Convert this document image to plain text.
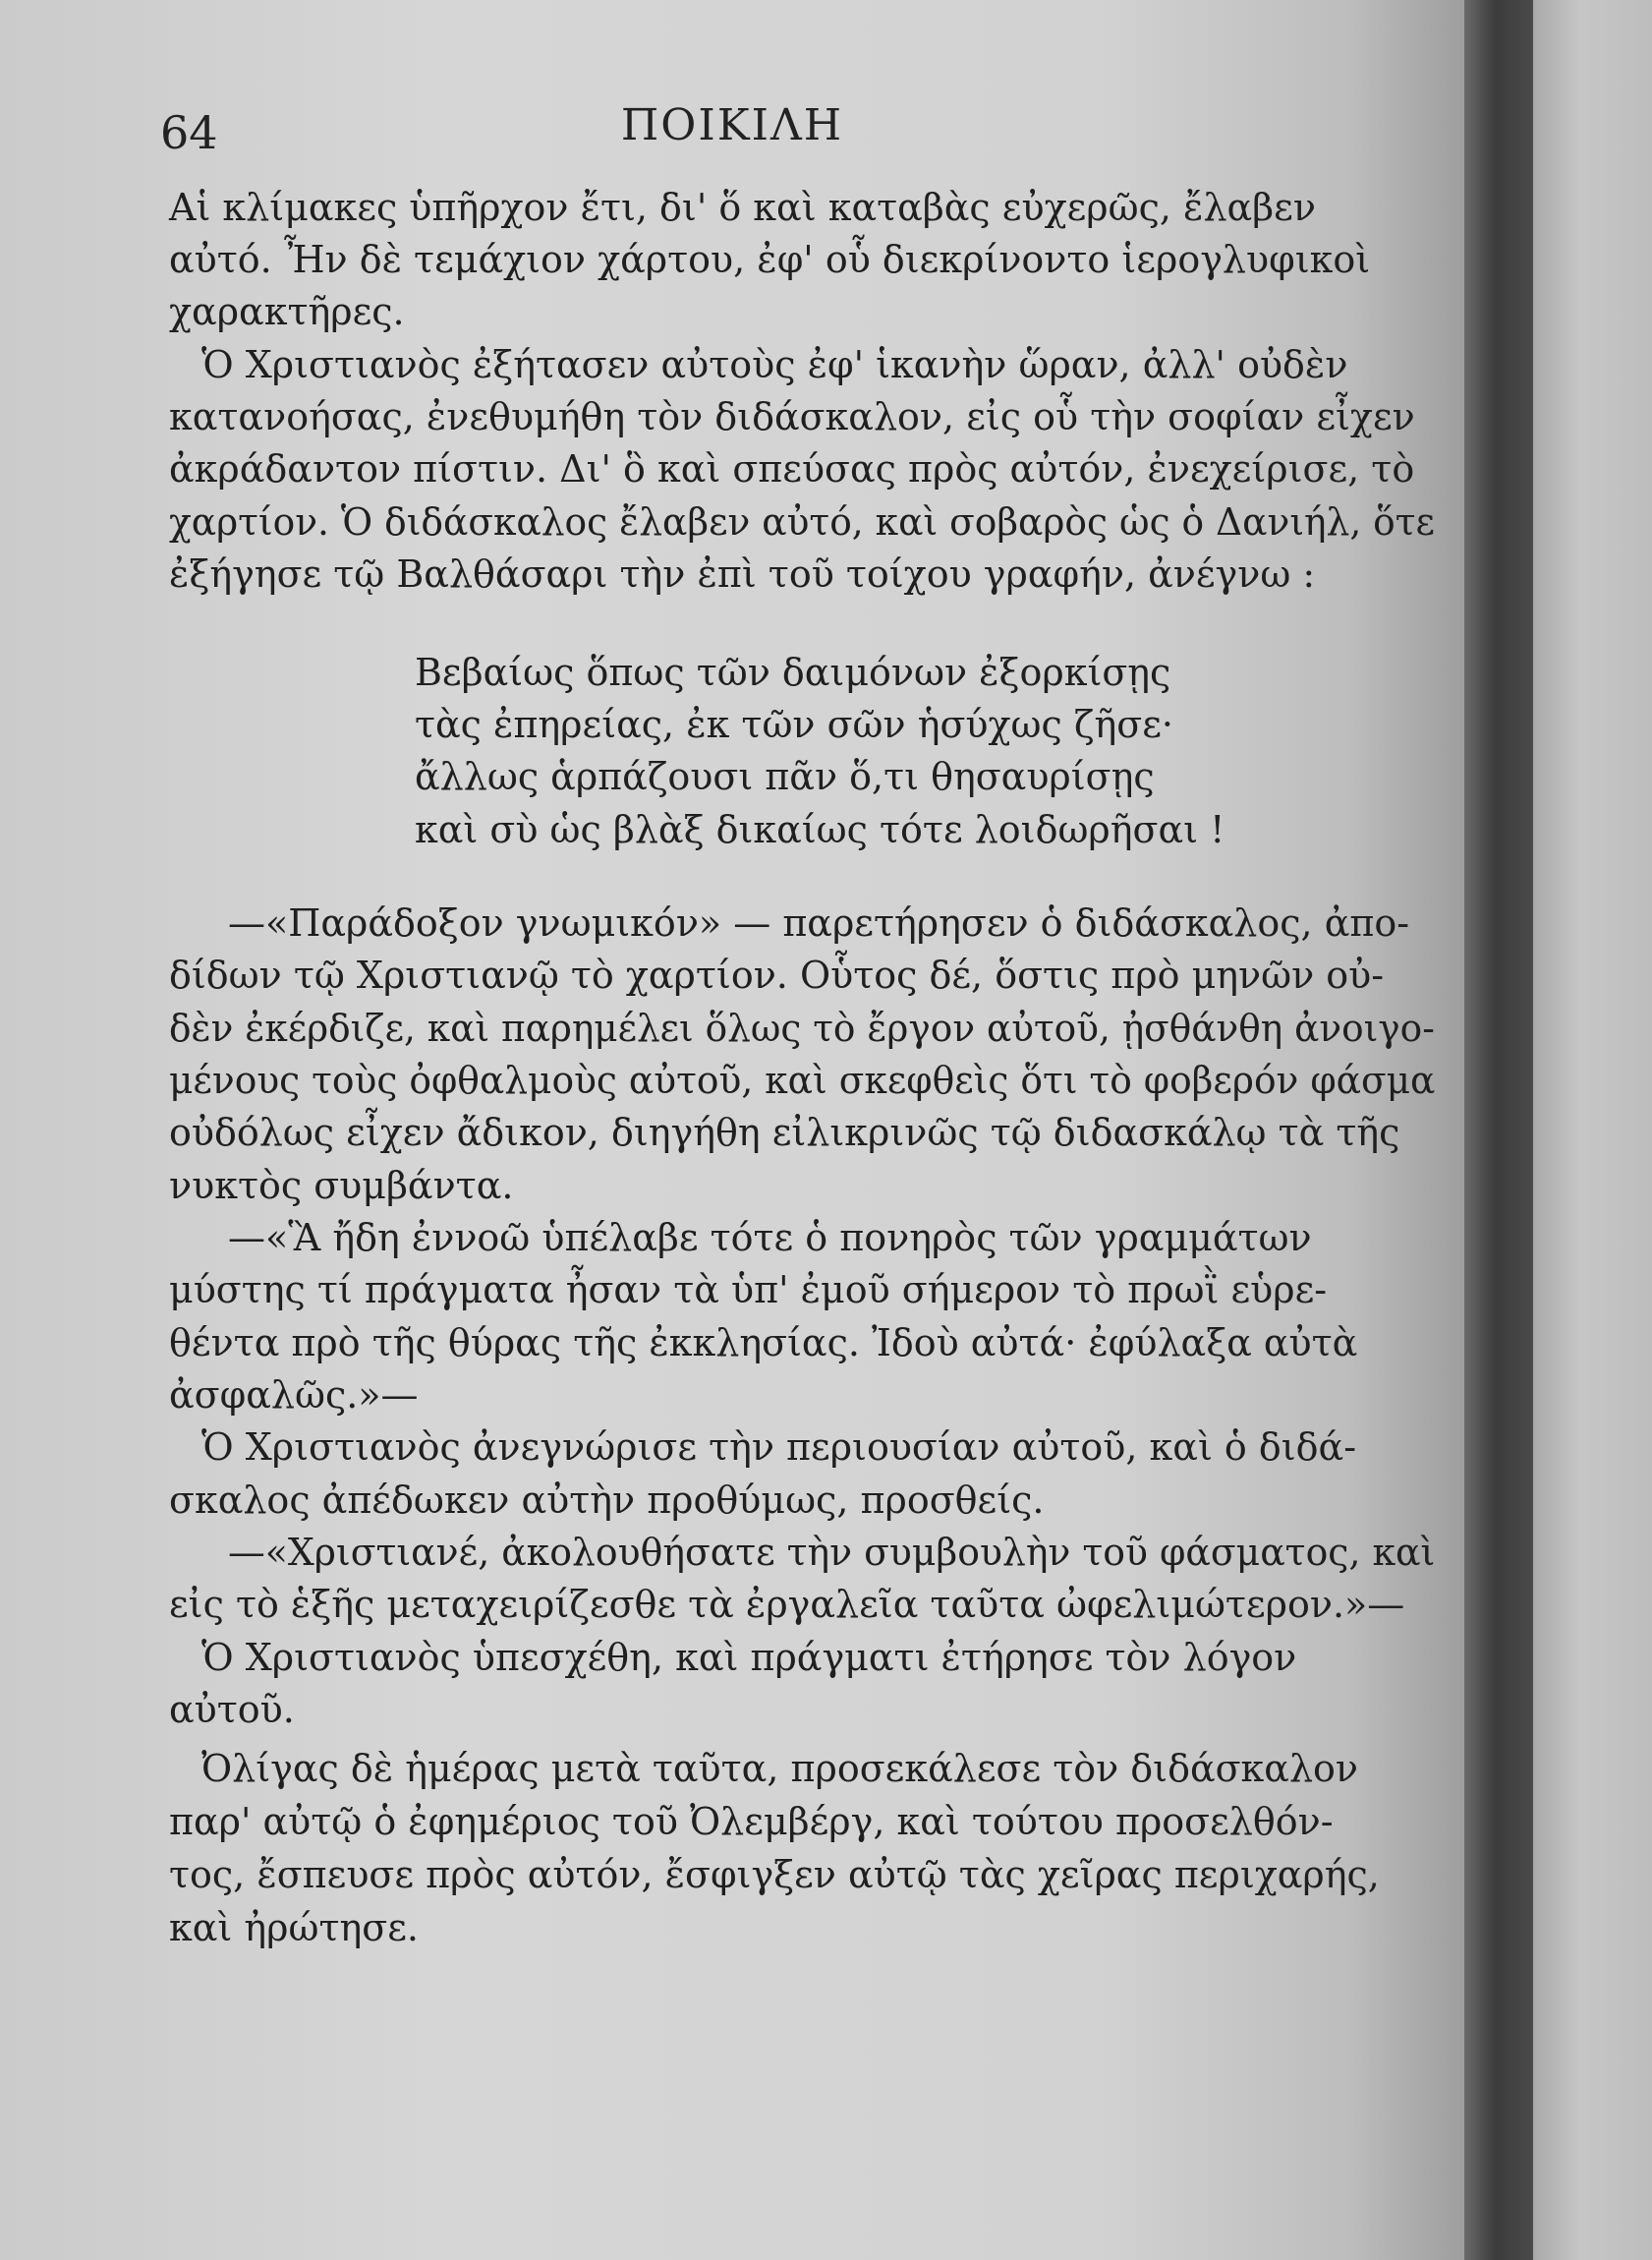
64	ΠΟΙΚΙΛΗ
Αἱ κλίμακες ὑπῆρχον ἔτι, δι' ὅ καὶ καταβὰς εὐχερῶς, ἔλαβεν
αὐτό. Ἦν δὲ τεμάχιον χάρτου, ἐφ' οὗ διεκρίνοντο ἱερογλυφικοὶ
χαρακτῆρες.
Ὁ Χριστιανὸς ἐξήτασεν αὐτοὺς ἐφ' ἱκανὴν ὥραν, ἀλλ' οὐδὲν
κατανοήσας, ἐνεθυμήθη τὸν διδάσκαλον, εἰς οὗ τὴν σοφίαν εἶχεν
ἀκράδαντον πίστιν. Δι' ὃ καὶ σπεύσας πρὸς αὐτόν, ἐνεχείρισε, τὸ
χαρτίον. Ὁ διδάσκαλος ἔλαβεν αὐτό, καὶ σοβαρὸς ὡς ὁ Δανιήλ, ὅτε
ἐξήγησε τῷ Βαλθάσαρι τὴν ἐπὶ τοῦ τοίχου γραφήν, ἀνέγνω :
Βεβαίως ὅπως τῶν δαιμόνων ἐξορκίσῃς
τὰς ἐπηρείας, ἐκ τῶν σῶν ἡσύχως ζῆσε·
ἄλλως ἁρπάζουσι πᾶν ὅ,τι θησαυρίσῃς
καὶ σὺ ὡς βλὰξ δικαίως τότε λοιδωρῆσαι !
—«Παράδοξον γνωμικόν» — παρετήρησεν ὁ διδάσκαλος, ἀπο-
δίδων τῷ Χριστιανῷ τὸ χαρτίον. Οὗτος δέ, ὅστις πρὸ μηνῶν οὐ-
δὲν ἐκέρδιζε, καὶ παρημέλει ὅλως τὸ ἔργον αὐτοῦ, ᾐσθάνθη ἀνοιγο-
μένους τοὺς ὀφθαλμοὺς αὐτοῦ, καὶ σκεφθεὶς ὅτι τὸ φοβερόν φάσμα
οὐδόλως εἶχεν ἄδικον, διηγήθη εἰλικρινῶς τῷ διδασκάλῳ τὰ τῆς
νυκτὸς συμβάντα.
—«Ἃ ἤδη ἐννοῶ ὑπέλαβε τότε ὁ πονηρὸς τῶν γραμμάτων
μύστης τί πράγματα ἦσαν τὰ ὑπ' ἐμοῦ σήμερον τὸ πρωῒ εὑρε-
θέντα πρὸ τῆς θύρας τῆς ἐκκλησίας. Ἰδοὺ αὐτά· ἐφύλαξα αὐτὰ
ἀσφαλῶς.»—
Ὁ Χριστιανὸς ἀνεγνώρισε τὴν περιουσίαν αὐτοῦ, καὶ ὁ διδά-
σκαλος ἀπέδωκεν αὐτὴν προθύμως, προσθείς.
—«Χριστιανέ, ἀκολουθήσατε τὴν συμβουλὴν τοῦ φάσματος, καὶ
εἰς τὸ ἑξῆς μεταχειρίζεσθε τὰ ἐργαλεῖα ταῦτα ὠφελιμώτερον.»—
Ὁ Χριστιανὸς ὑπεσχέθη, καὶ πράγματι ἐτήρησε τὸν λόγον
αὐτοῦ.
Ὀλίγας δὲ ἡμέρας μετὰ ταῦτα, προσεκάλεσε τὸν διδάσκαλον
παρ' αὐτῷ ὁ ἐφημέριος τοῦ Ὀλεμβέργ, καὶ τούτου προσελθόν-
τος, ἔσπευσε πρὸς αὐτόν, ἔσφιγξεν αὐτῷ τὰς χεῖρας περιχαρής,
καὶ ἠρώτησε.
